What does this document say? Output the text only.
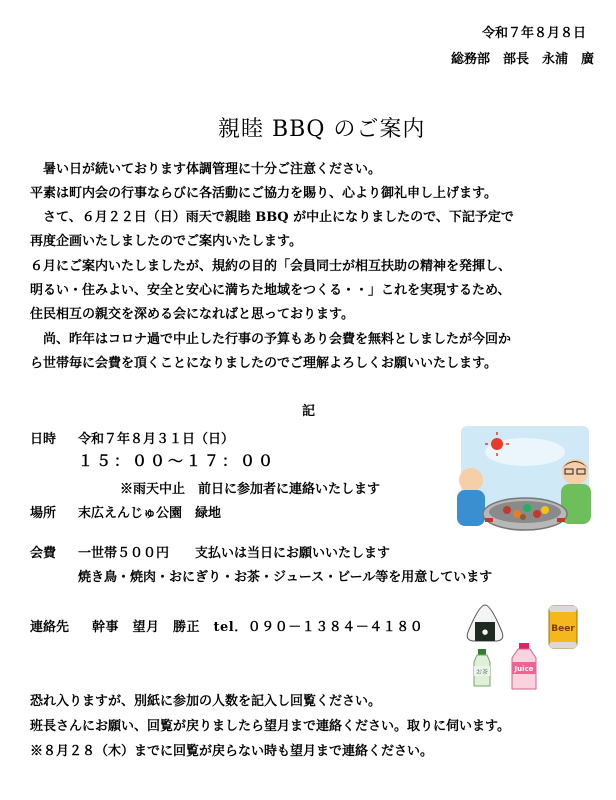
令和７年８月８日
総務部　部長　永浦　廣
親睦 BBQ のご案内
　暑い日が続いております体調管理に十分ご注意ください。
平素は町内会の行事ならびに各活動にご協力を賜り、心より御礼申し上げます。
　さて、６月２２日（日）雨天で親睦 BBQ が中止になりましたので、下記予定で
再度企画いたしましたのでご案内いたします。
６月にご案内いたしましたが、規約の目的「会員同士が相互扶助の精神を発揮し、
明るい・住みよい、安全と安心に満ちた地域をつくる・・」これを実現するため、
住民相互の親交を深める会になればと思っております。
　尚、昨年はコロナ過で中止した行事の予算もあり会費を無料としましたが今回か
ら世帯毎に会費を頂くことになりましたのでご理解よろしくお願いいたします。
記
日時 令和７年８月３１日（日）
１５：００～１７：００
※雨天中止　前日に参加者に連絡いたします
場所 末広えんじゅ公園　緑地
会費 一世帯５００円　　支払いは当日にお願いいたします
焼き鳥・焼肉・おにぎり・お茶・ジュース・ビール等を用意しています
連絡先 幹事　望月　勝正　tel．０９０－１３８４－４１８０	●	Beer
お茶	Juice
恐れ入りますが、別紙に参加の人数を記入し回覧ください。
班長さんにお願い、回覧が戻りましたら望月まで連絡ください。取りに伺います。
※８月２８（木）までに回覧が戻らない時も望月まで連絡ください。
